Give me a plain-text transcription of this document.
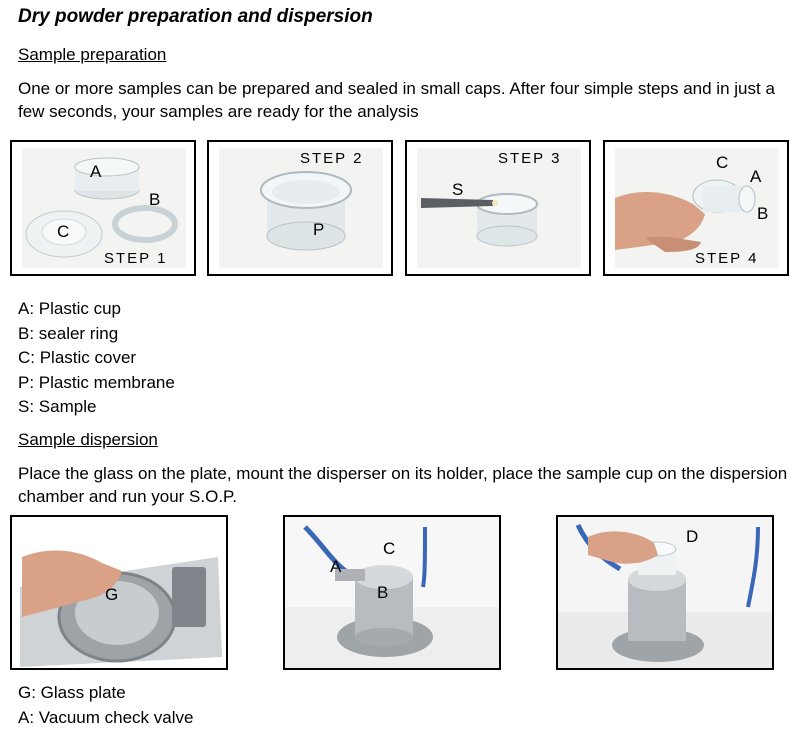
Dry powder preparation and dispersion
Sample preparation
One or more samples can be prepared and sealed in small caps. After four simple steps and in just a few seconds, your samples are ready for the analysis
A
B
C
STEP 1
STEP 2
P
STEP 3
S
C
A
B
STEP 4
A: Plastic cup
B: sealer ring
C: Plastic cover
P: Plastic membrane
S: Sample
Sample dispersion
Place the glass on the plate, mount the disperser on its holder, place the sample cup on the dispersion chamber and run your S.O.P.
G
C
A
B
D
G: Glass plate
A: Vacuum check valve
